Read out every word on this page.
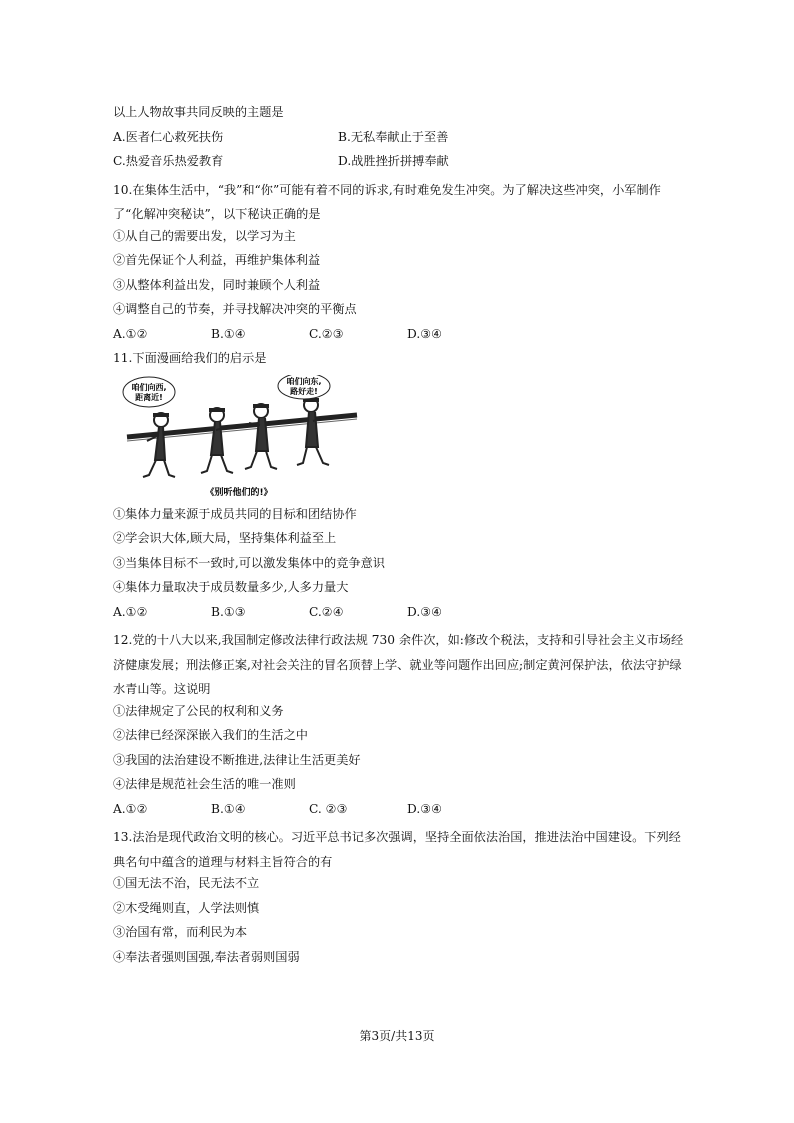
以上人物故事共同反映的主题是

A.医者仁心救死扶伤	B.无私奉献止于至善
C.热爱音乐热爱教育	D.战胜挫折拼搏奉献

10.在集体生活中，“我”和“你”可能有着不同的诉求,有时难免发生冲突。为了解决这些冲突，小军制作了“化解冲突秘诀”，以下秘诀正确的是

①从自己的需要出发，以学习为主

②首先保证个人利益，再维护集体利益

③从整体利益出发，同时兼顾个人利益

④调整自己的节奏，并寻找解决冲突的平衡点

A.①②	B.①④	C.②③	D.③④

11.下面漫画给我们的启示是

咱们向西,
距离近!
咱们向东,
路好走!
《别听他们的!》

①集体力量来源于成员共同的目标和团结协作

②学会识大体,顾大局，坚持集体利益至上

③当集体目标不一致时,可以激发集体中的竞争意识

④集体力量取决于成员数量多少,人多力量大

A.①②	B.①③	C.②④	D.③④

12.党的十八大以来,我国制定修改法律行政法规 730 余件次，如:修改个税法，支持和引导社会主义市场经济健康发展；刑法修正案,对社会关注的冒名顶替上学、就业等问题作出回应;制定黄河保护法，依法守护绿水青山等。这说明

①法律规定了公民的权利和义务

②法律已经深深嵌入我们的生活之中

③我国的法治建设不断推进,法律让生活更美好

④法律是规范社会生活的唯一准则

A.①②	B.①④	C. ②③	D.③④

13.法治是现代政治文明的核心。习近平总书记多次强调，坚持全面依法治国，推进法治中国建设。下列经典名句中蕴含的道理与材料主旨符合的有

①国无法不治，民无法不立

②木受绳则直，人学法则慎

③治国有常，而利民为本

④奉法者强则国强,奉法者弱则国弱

第3页/共13页
